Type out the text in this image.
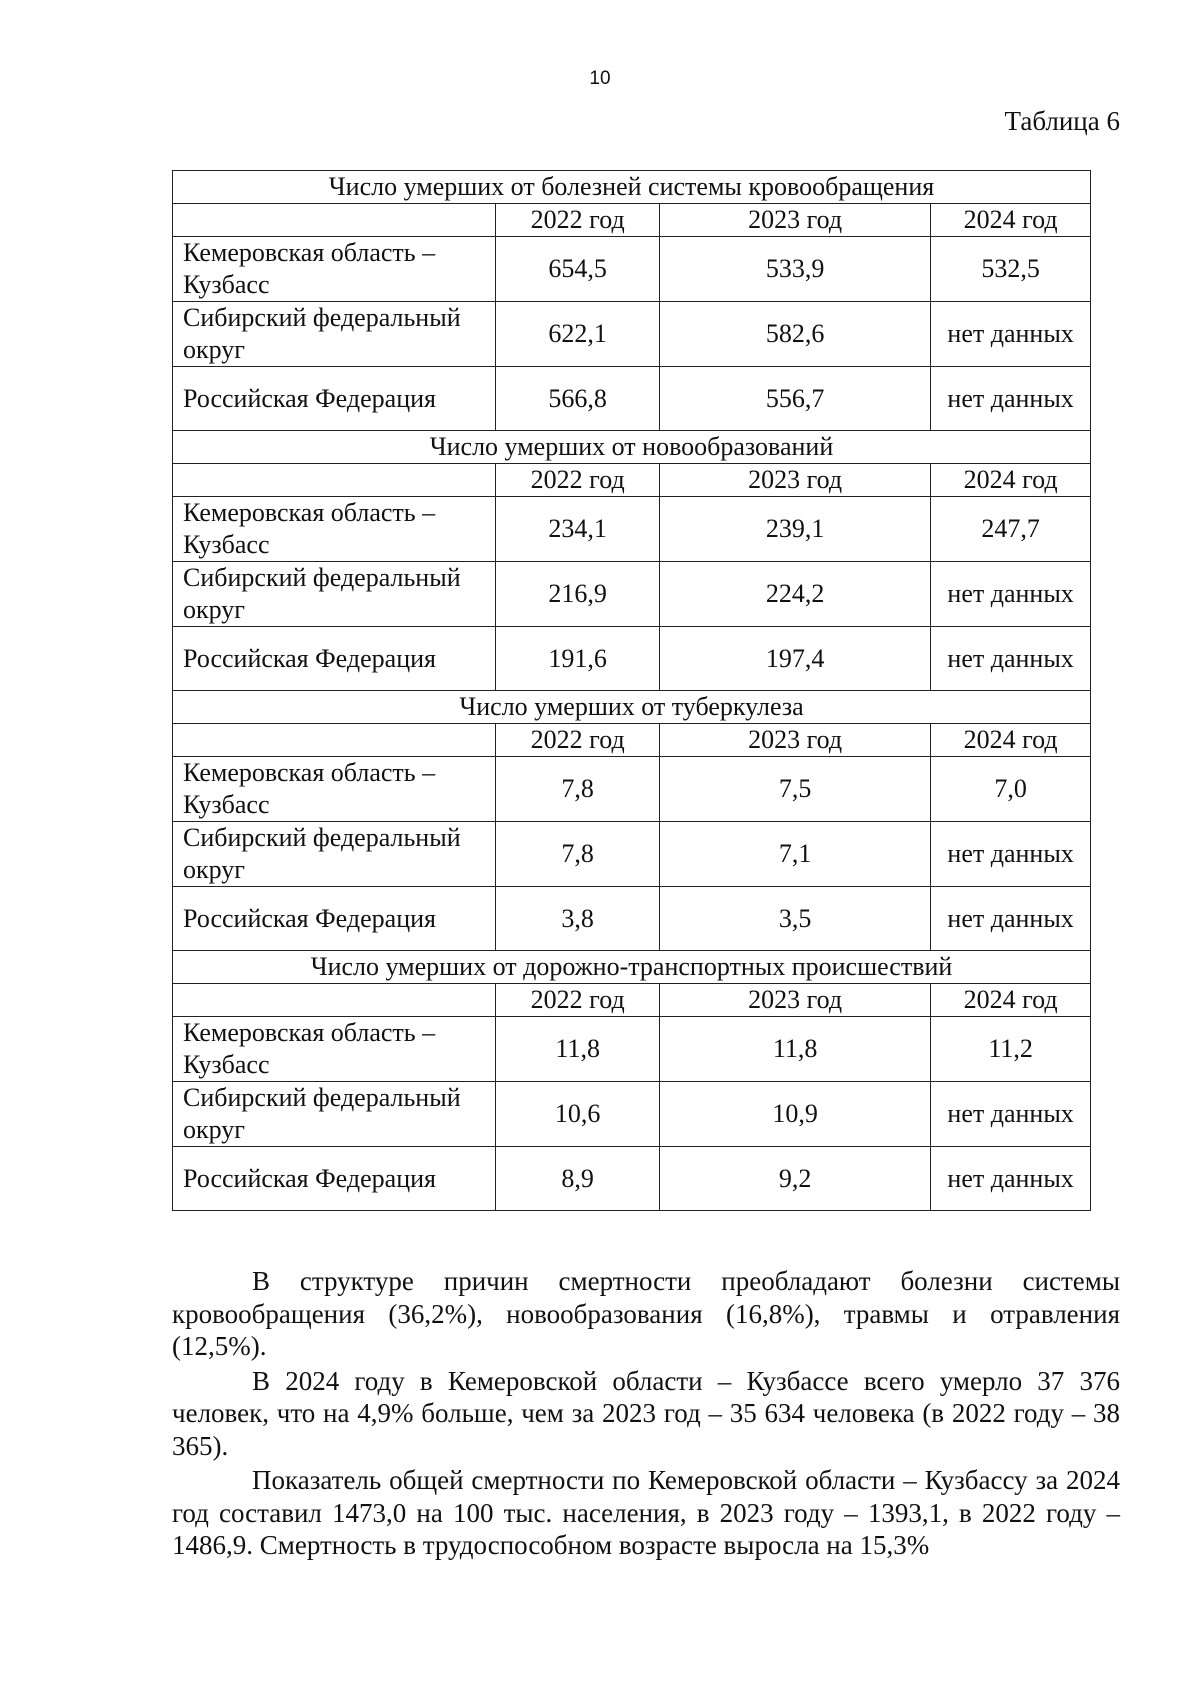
10
Таблица 6
Число умерших от болезней системы кровообращения			
	2022 год	2023 год	2024 год
Кемеровская область – Кузбасс	654,5	533,9	532,5
Сибирский федеральный округ	622,1	582,6	нет данных
Российская Федерация	566,8	556,7	нет данных
Число умерших от новообразований			
	2022 год	2023 год	2024 год
Кемеровская область – Кузбасс	234,1	239,1	247,7
Сибирский федеральный округ	216,9	224,2	нет данных
Российская Федерация	191,6	197,4	нет данных
Число умерших от туберкулеза			
	2022 год	2023 год	2024 год
Кемеровская область – Кузбасс	7,8	7,5	7,0
Сибирский федеральный округ	7,8	7,1	нет данных
Российская Федерация	3,8	3,5	нет данных
Число умерших от дорожно-транспортных происшествий			
	2022 год	2023 год	2024 год
Кемеровская область – Кузбасс	11,8	11,8	11,2
Сибирский федеральный округ	10,6	10,9	нет данных
Российская Федерация	8,9	9,2	нет данных

В структуре причин смертности преобладают болезни системы кровообращения (36,2%), новообразования (16,8%), травмы и отравления (12,5%).

В 2024 году в Кемеровской области – Кузбассе всего умерло 37 376 человек, что на 4,9% больше, чем за 2023 год – 35 634 человека (в 2022 году – 38 365).

Показатель общей смертности по Кемеровской области – Кузбассу за 2024 год составил 1473,0 на 100 тыс. населения, в 2023 году – 1393,1, в 2022 году – 1486,9. Смертность в трудоспособном возрасте выросла на 15,3%
